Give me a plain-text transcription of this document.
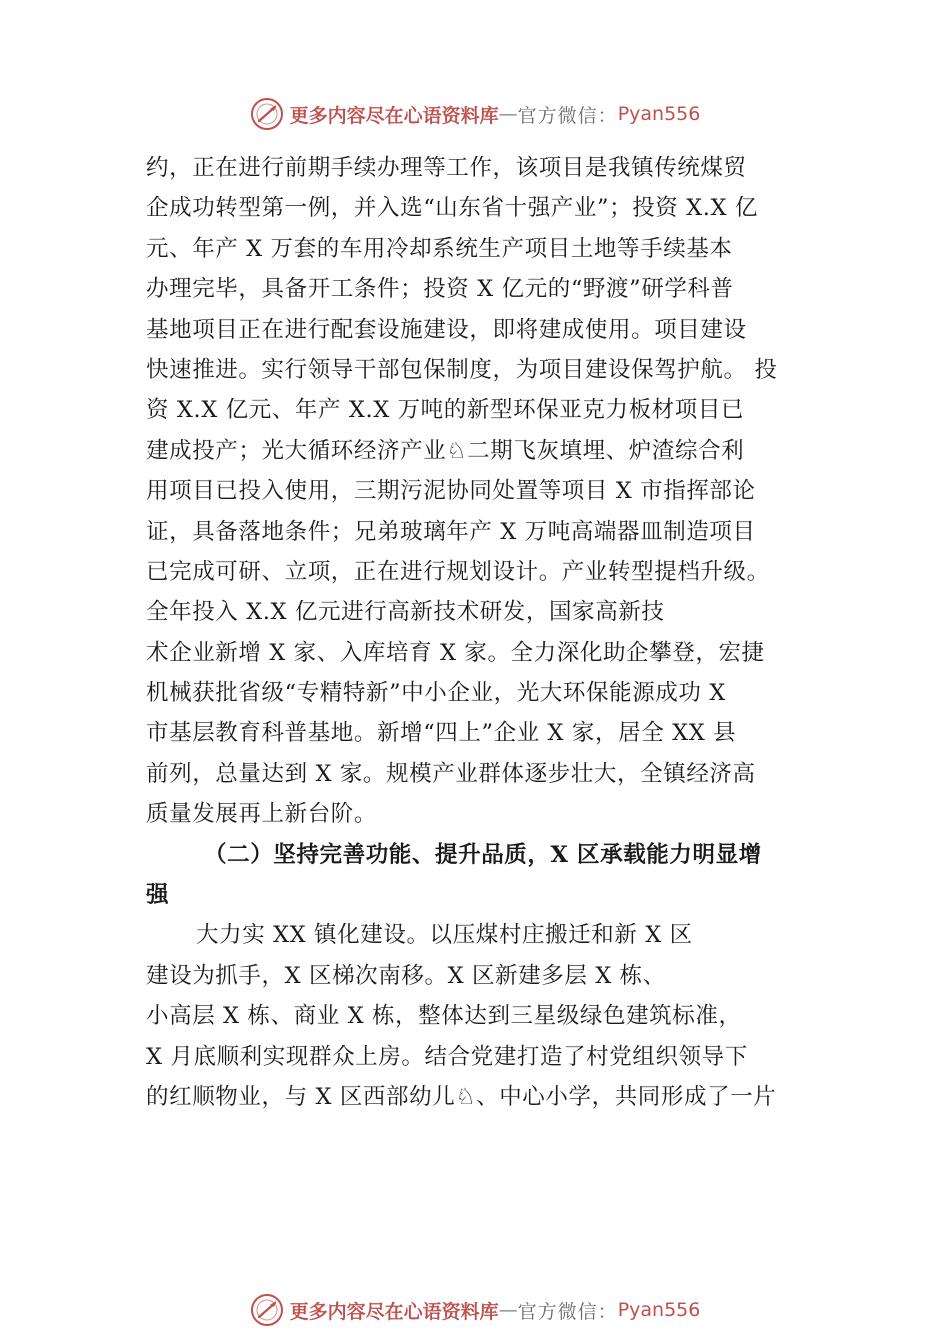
更多内容尽在心语资料库 — 官方微信： Pyan556
约，正在进行前期手续办理等工作，该项目是我镇传统煤贸
企成功转型第一例，并入选“山东省十强产业”；投资 X.X 亿
元、年产 X 万套的车用冷却系统生产项目土地等手续基本
办理完毕，具备开工条件；投资 X 亿元的“野渡”研学科普
基地项目正在进行配套设施建设，即将建成使用。项目建设
快速推进。实行领导干部包保制度，为项目建设保驾护航。 投
资 X.X 亿元、年产 X.X 万吨的新型环保亚克力板材项目已
建成投产；光大循环经济产业♘二期飞灰填埋、炉渣综合利
用项目已投入使用，三期污泥协同处置等项目 X 市指挥部论
证，具备落地条件；兄弟玻璃年产 X 万吨高端器皿制造项目
已完成可研、立项，正在进行规划设计。产业转型提档升级。
全年投入 X.X 亿元进行高新技术研发，国家高新技
术企业新增 X 家、入库培育 X 家。全力深化助企攀登，宏捷
机械获批省级“专精特新”中小企业，光大环保能源成功 X
市基层教育科普基地。新增“四上”企业 X 家，居全 XX 县
前列，总量达到 X 家。规模产业群体逐步壮大，全镇经济高
质量发展再上新台阶。
（二）坚持完善功能、提升品质，X 区承载能力明显增
强
大力实 XX 镇化建设。以压煤村庄搬迁和新 X 区
建设为抓手，X 区梯次南移。X 区新建多层 X 栋、
小高层 X 栋、商业 X 栋，整体达到三星级绿色建筑标准，
X 月底顺利实现群众上房。结合党建打造了村党组织领导下
的红顺物业，与 X 区西部幼儿♘、中心小学，共同形成了一片
更多内容尽在心语资料库 — 官方微信： Pyan556
